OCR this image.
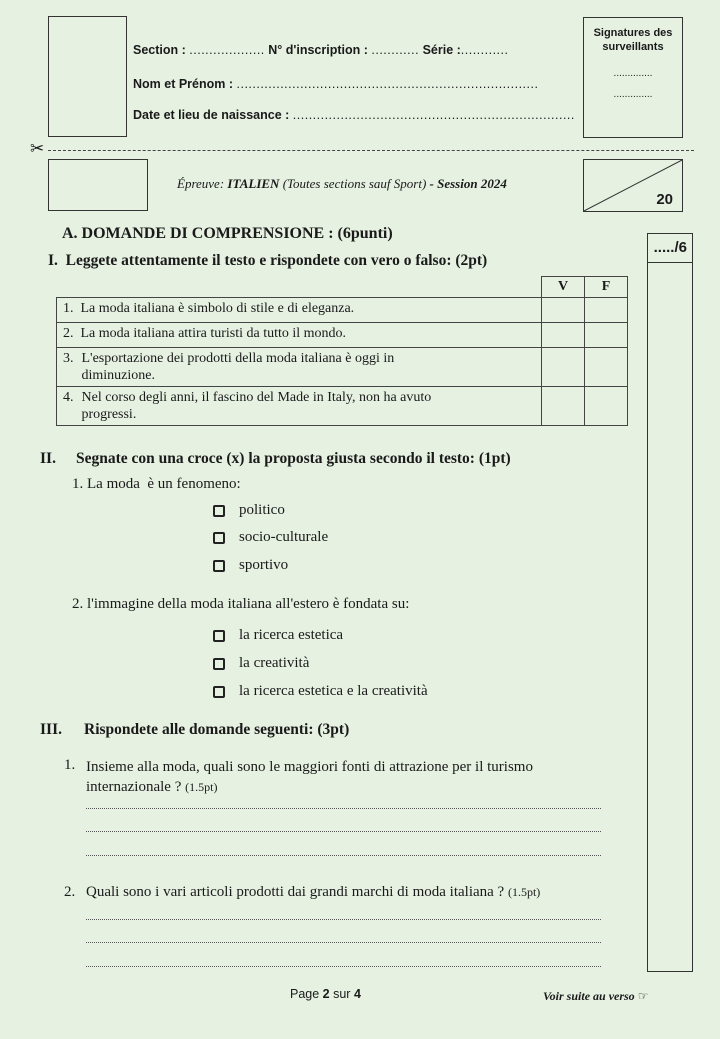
Section : ................... N° d'inscription : ............ Série :............
Nom et Prénom : ............................................................................
Date et lieu de naissance : .......................................................................
Signatures des surveillants
..............
..............
✂
Épreuve: ITALIEN (Toutes sections sauf Sport) - Session 2024
20
...../6
A. DOMANDE DI COMPRENSIONE : (6punti)
I.  Leggete attentamente il testo e rispondete con vero o falso: (2pt)
	V	F
1. La moda italiana è simbolo di stile e di eleganza.		
2. La moda italiana attira turisti da tutto il mondo.		

3. L'esportazione dei prodotti della moda italiana è oggi in diminuzione.		

4. Nel corso degli anni, il fascino del Made in Italy, non ha avuto progressi.		

II. Segnate con una croce (x) la proposta giusta secondo il testo: (1pt)
1. La moda  è un fenomeno:
politico
socio-culturale
sportivo
2. l'immagine della moda italiana all'estero è fondata su:
la ricerca estetica
la creatività
la ricerca estetica e la creatività
III. Rispondete alle domande seguenti: (3pt)
1. Insieme alla moda, quali sono le maggiori fonti di attrazione per il turismo
internazionale ? (1.5pt)
2. Quali sono i vari articoli prodotti dai grandi marchi di moda italiana ? (1.5pt)
Page 2 sur 4	Voir suite au verso ☞
